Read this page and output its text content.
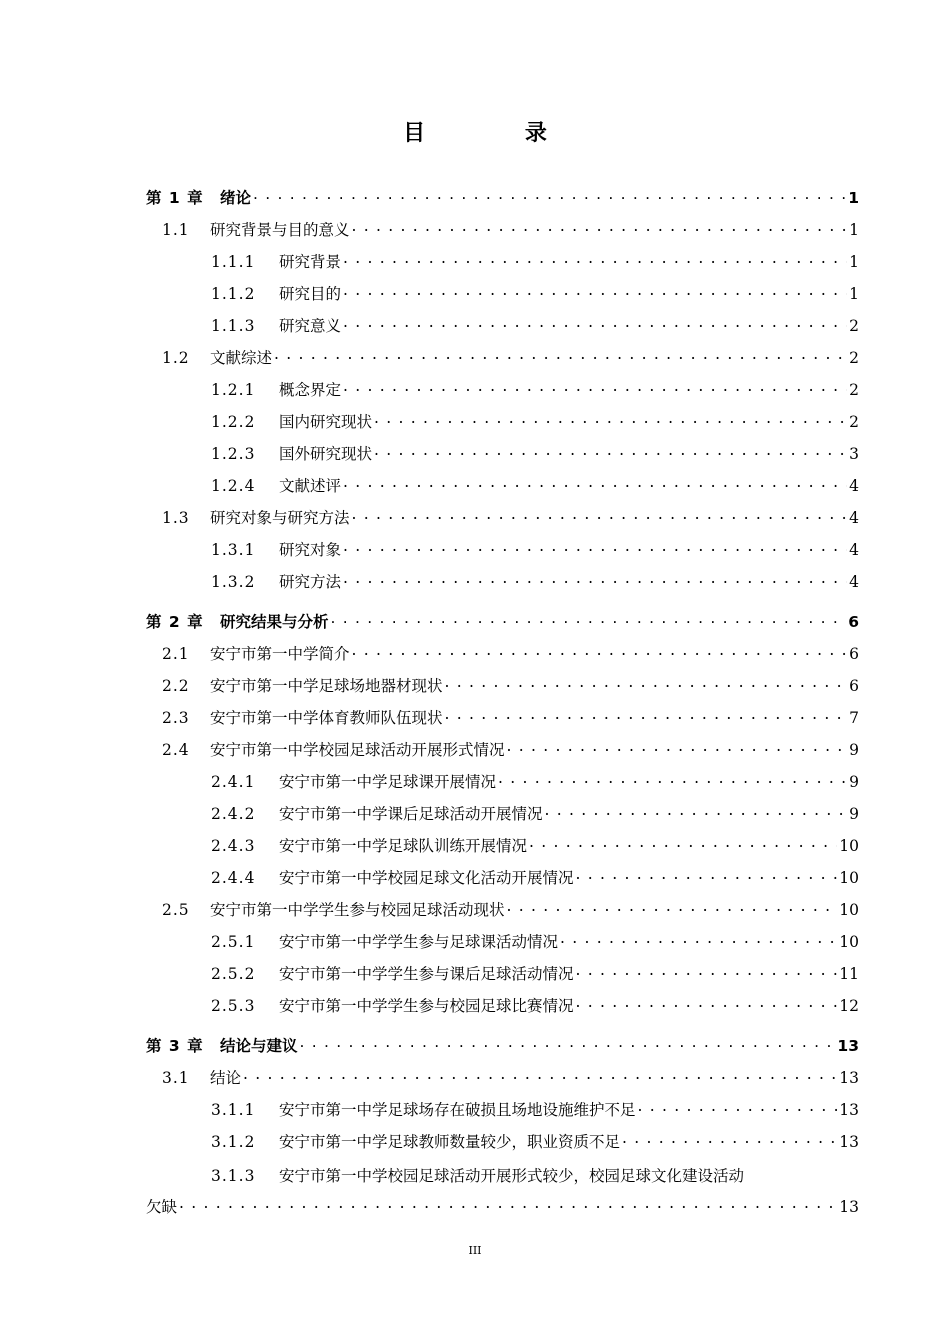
目 录
第 1 章	绪论 . . .	1
1.1	研究背景与目的意义 . . .	1
1.1.1	研究背景 . . .	1
1.1.2	研究目的 . . .	1
1.1.3	研究意义 . . .	2
1.2	文献综述 . . .	2
1.2.1	概念界定 . . .	2
1.2.2	国内研究现状 . . .	2
1.2.3	国外研究现状 . . .	3
1.2.4	文献述评 . . .	4
1.3	研究对象与研究方法 . . .	4
1.3.1	研究对象 . . .	4
1.3.2	研究方法 . . .	4
第 2 章	研究结果与分析 . . .	6
2.1	安宁市第一中学简介 . . .	6
2.2	安宁市第一中学足球场地器材现状 . . .	6
2.3	安宁市第一中学体育教师队伍现状 . . .	7
2.4	安宁市第一中学校园足球活动开展形式情况 . . .	9
2.4.1	安宁市第一中学足球课开展情况 . . .	9
2.4.2	安宁市第一中学课后足球活动开展情况 . . .	9
2.4.3	安宁市第一中学足球队训练开展情况 . . .	10
2.4.4	安宁市第一中学校园足球文化活动开展情况 . . .	10
2.5	安宁市第一中学学生参与校园足球活动现状 . . .	10
2.5.1	安宁市第一中学学生参与足球课活动情况 . . .	10
2.5.2	安宁市第一中学学生参与课后足球活动情况 . . .	11
2.5.3	安宁市第一中学学生参与校园足球比赛情况 . . .	12
第 3 章	结论与建议 . . .	13
3.1	结论 . . .	13
3.1.1	安宁市第一中学足球场存在破损且场地设施维护不足 . . .	13
3.1.2	安宁市第一中学足球教师数量较少，职业资质不足 . . .	13
3.1.3 安宁市第一中学校园足球活动开展形式较少，校园足球文化建设活动
欠缺 . . .	13
III
